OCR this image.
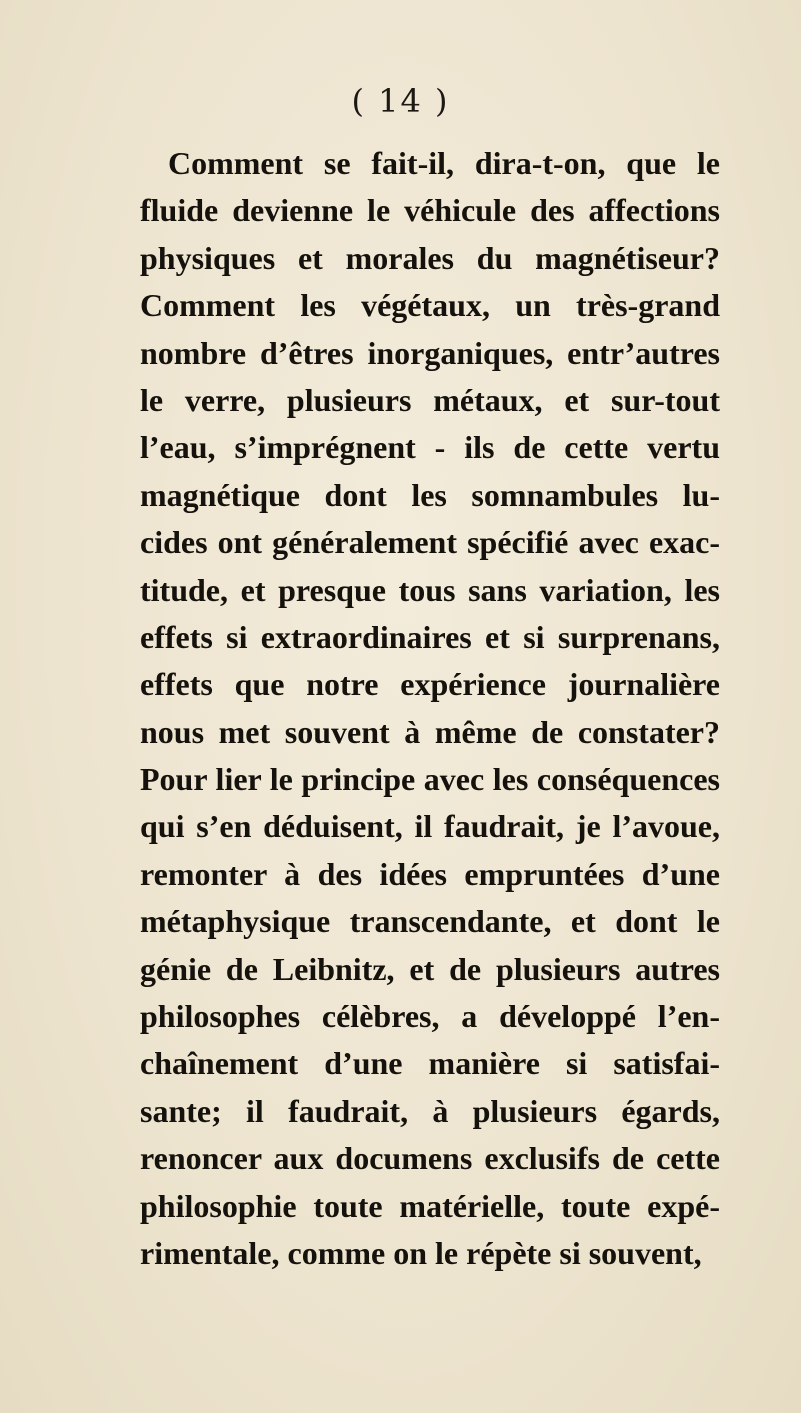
( 14 )
Comment se fait-il, dira-t-on, que le
fluide devienne le véhicule des affections
physiques et morales du magnétiseur?
Comment les végétaux, un très-grand
nombre d’êtres inorganiques, entr’autres
le verre, plusieurs métaux, et sur-tout
l’eau, s’imprégnent - ils de cette vertu
magnétique dont les somnambules lu-
cides ont généralement spécifié avec exac-
titude, et presque tous sans variation, les
effets si extraordinaires et si surprenans,
effets que notre expérience journalière
nous met souvent à même de constater?
Pour lier le principe avec les conséquences
qui s’en déduisent, il faudrait, je l’avoue,
remonter à des idées empruntées d’une
métaphysique transcendante, et dont le
génie de Leibnitz, et de plusieurs autres
philosophes célèbres, a développé l’en-
chaînement d’une manière si satisfai-
sante; il faudrait, à plusieurs égards,
renoncer aux documens exclusifs de cette
philosophie toute matérielle, toute expé-
rimentale, comme on le répète si souvent,
